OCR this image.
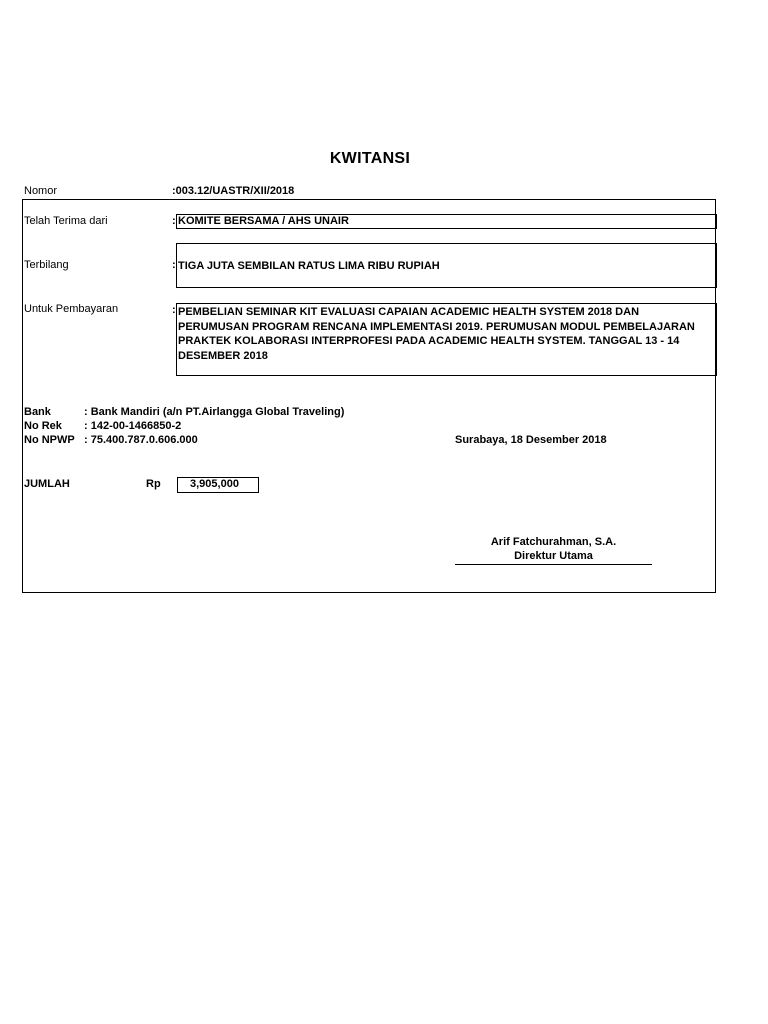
KWITANSI
Nomor	:003.12/UASTR/XII/2018
Telah Terima dari	: KOMITE BERSAMA / AHS UNAIR
Terbilang	: TIGA JUTA SEMBILAN RATUS LIMA RIBU RUPIAH
Untuk Pembayaran	: PEMBELIAN SEMINAR KIT EVALUASI CAPAIAN ACADEMIC HEALTH SYSTEM 2018 DAN PERUMUSAN PROGRAM RENCANA IMPLEMENTASI 2019. PERUMUSAN MODUL PEMBELAJARAN PRAKTEK KOLABORASI INTERPROFESI PADA ACADEMIC HEALTH SYSTEM. TANGGAL 13 - 14 DESEMBER 2018
Bank	: Bank Mandiri (a/n PT.Airlangga Global Traveling)
No Rek : 142-00-1466850-2
No NPWP : 75.400.787.0.606.000	Surabaya, 18 Desember 2018
JUMLAH	Rp	3,905,000
Arif Fatchurahman, S.A.
Direktur Utama
